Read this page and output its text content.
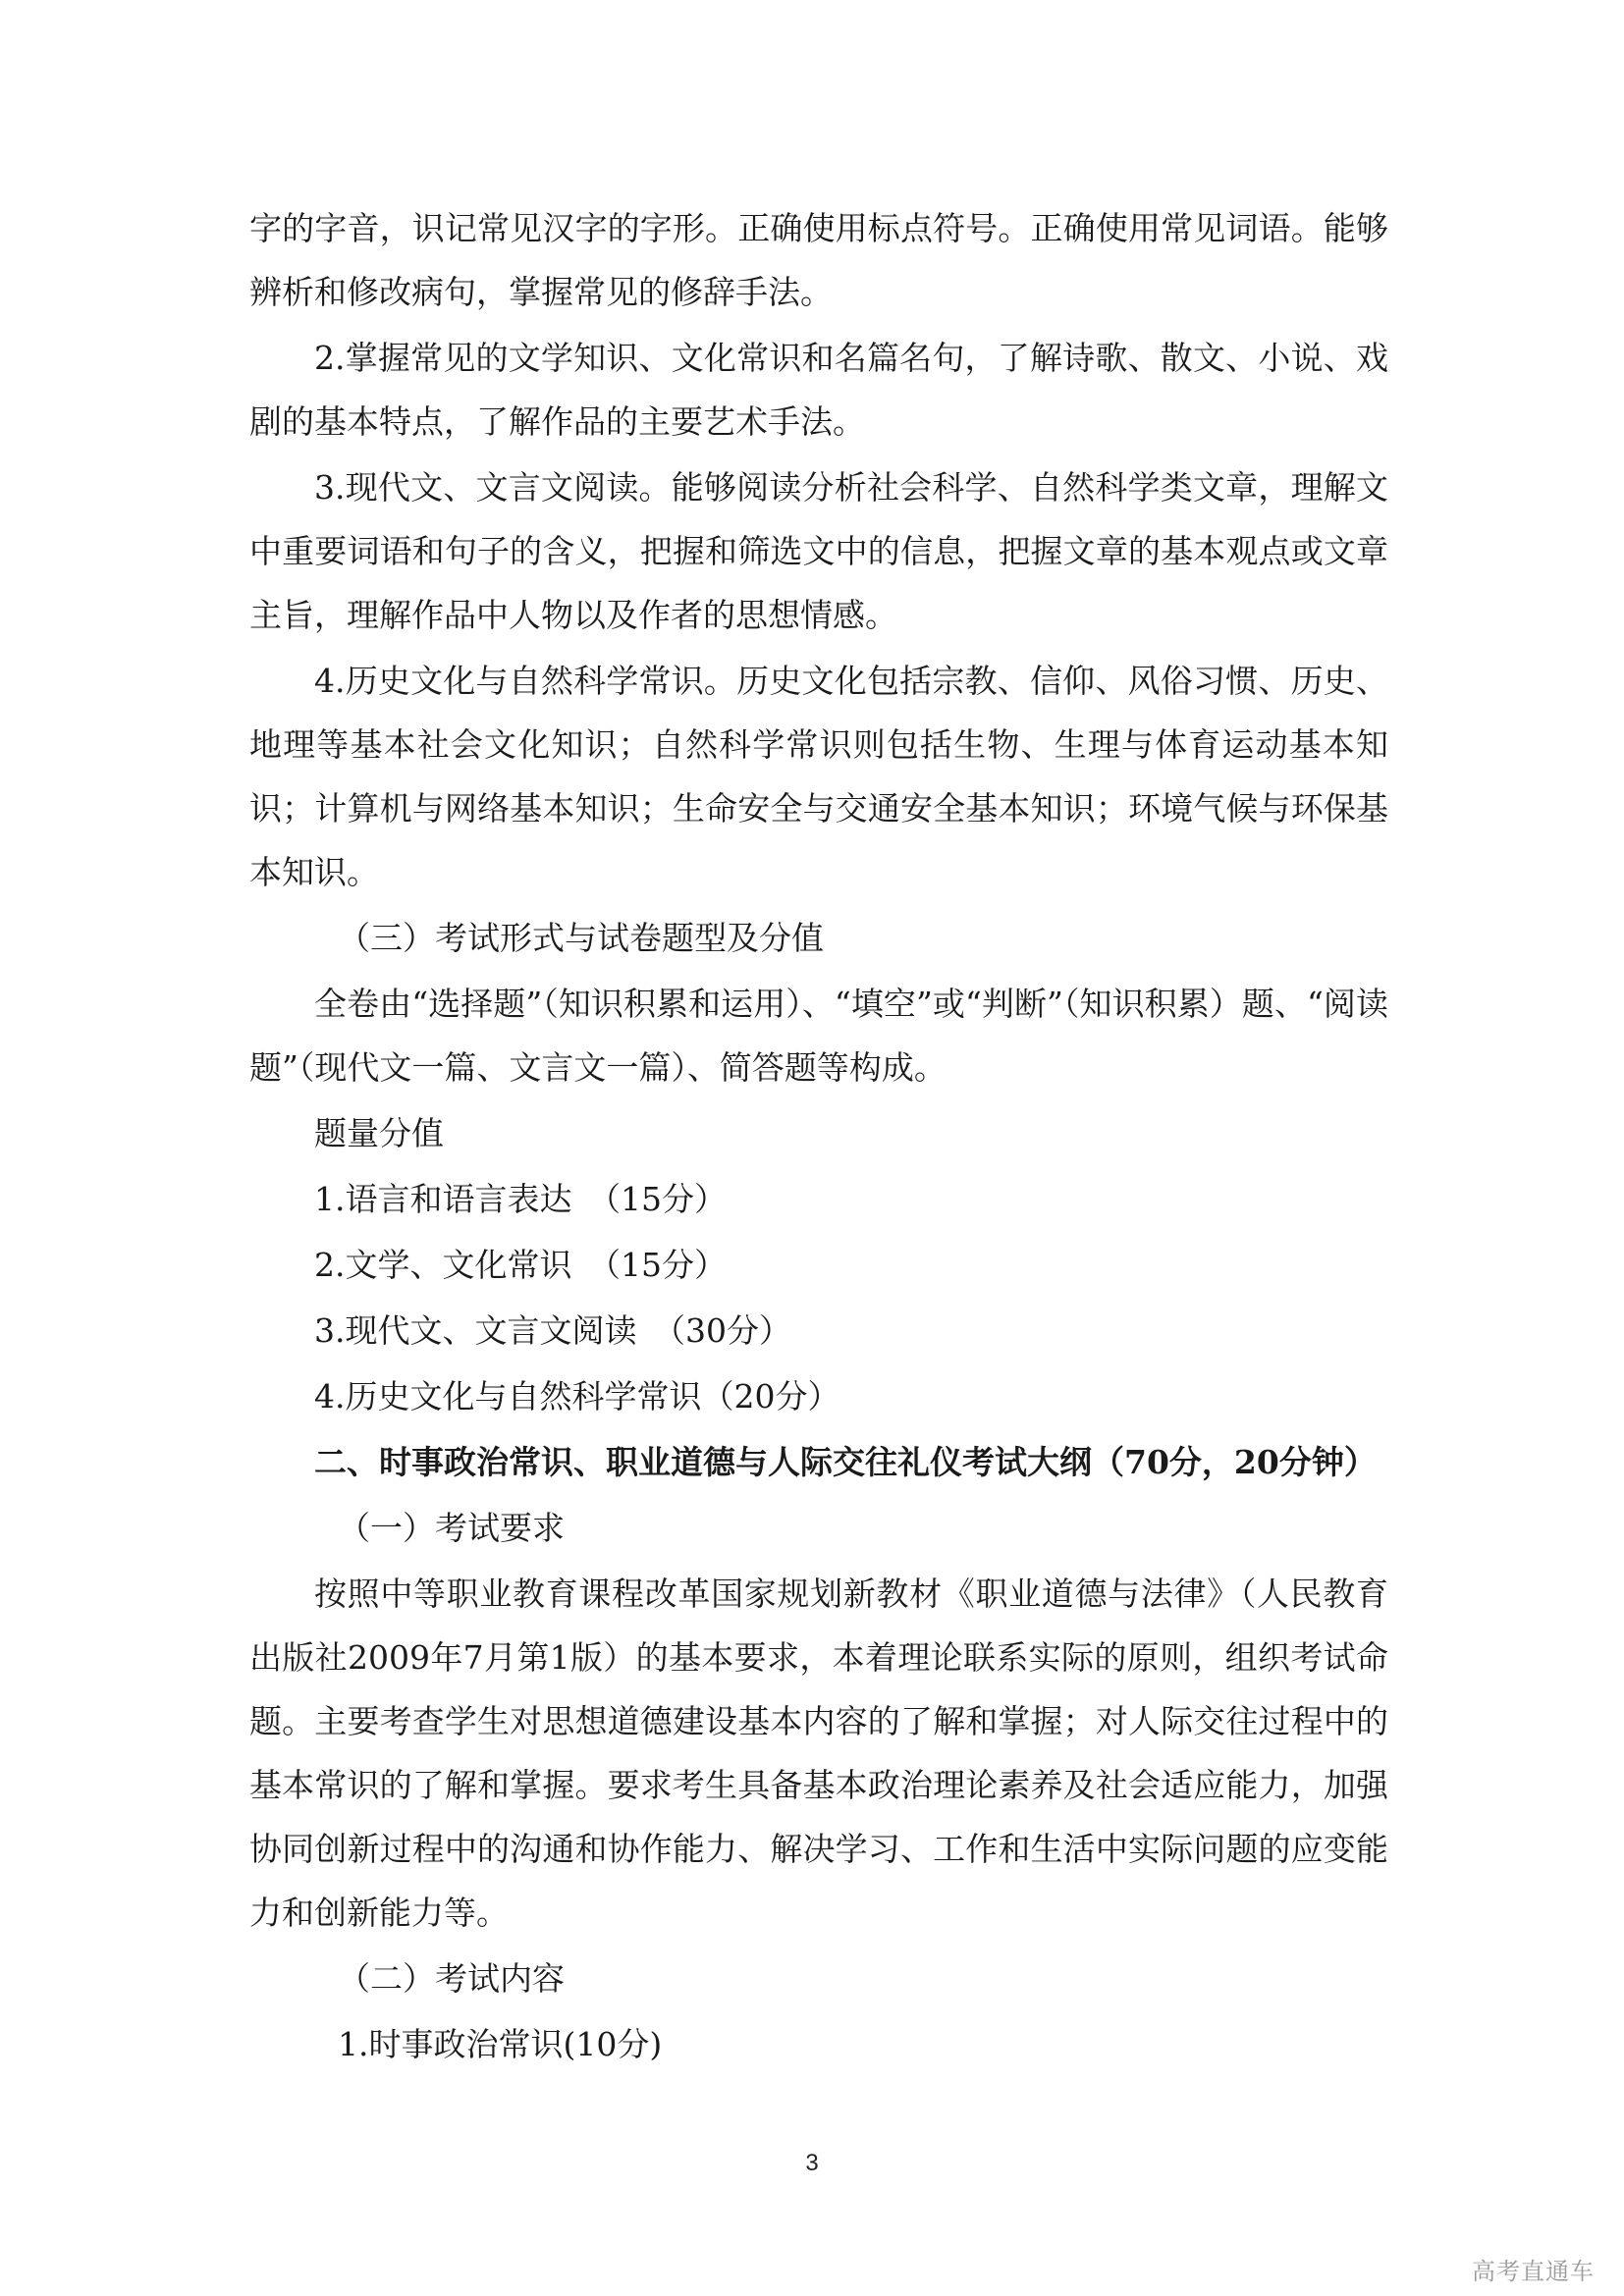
字的字音，识记常见汉字的字形。正确使用标点符号。正确使用常见词语。能够辨析和修改病句，掌握常见的修辞手法。

2.掌握常见的文学知识、文化常识和名篇名句，了解诗歌、散文、小说、戏剧的基本特点，了解作品的主要艺术手法。

3.现代文、文言文阅读。能够阅读分析社会科学、自然科学类文章，理解文中重要词语和句子的含义，把握和筛选文中的信息，把握文章的基本观点或文章主旨，理解作品中人物以及作者的思想情感。

4.历史文化与自然科学常识。历史文化包括宗教、信仰、风俗习惯、历史、地理等基本社会文化知识；自然科学常识则包括生物、生理与体育运动基本知识；计算机与网络基本知识；生命安全与交通安全基本知识；环境气候与环保基本知识。

（三）考试形式与试卷题型及分值

全卷由“选择题”（知识积累和运用）、“填空”或“判断”（知识积累）题、“阅读题”（现代文一篇、文言文一篇）、简答题等构成。

题量分值

1.语言和语言表达　（15分）

2.文学、文化常识　（15分）

3.现代文、文言文阅读　（30分）

4.历史文化与自然科学常识（20分）

二、时事政治常识、职业道德与人际交往礼仪考试大纲（70分，20分钟）

（一）考试要求

按照中等职业教育课程改革国家规划新教材《职业道德与法律》（人民教育出版社2009年7月第1版）的基本要求，本着理论联系实际的原则，组织考试命题。主要考查学生对思想道德建设基本内容的了解和掌握；对人际交往过程中的基本常识的了解和掌握。要求考生具备基本政治理论素养及社会适应能力，加强协同创新过程中的沟通和协作能力、解决学习、工作和生活中实际问题的应变能力和创新能力等。

（二）考试内容

1.时事政治常识(10分)

3
高考直通车
